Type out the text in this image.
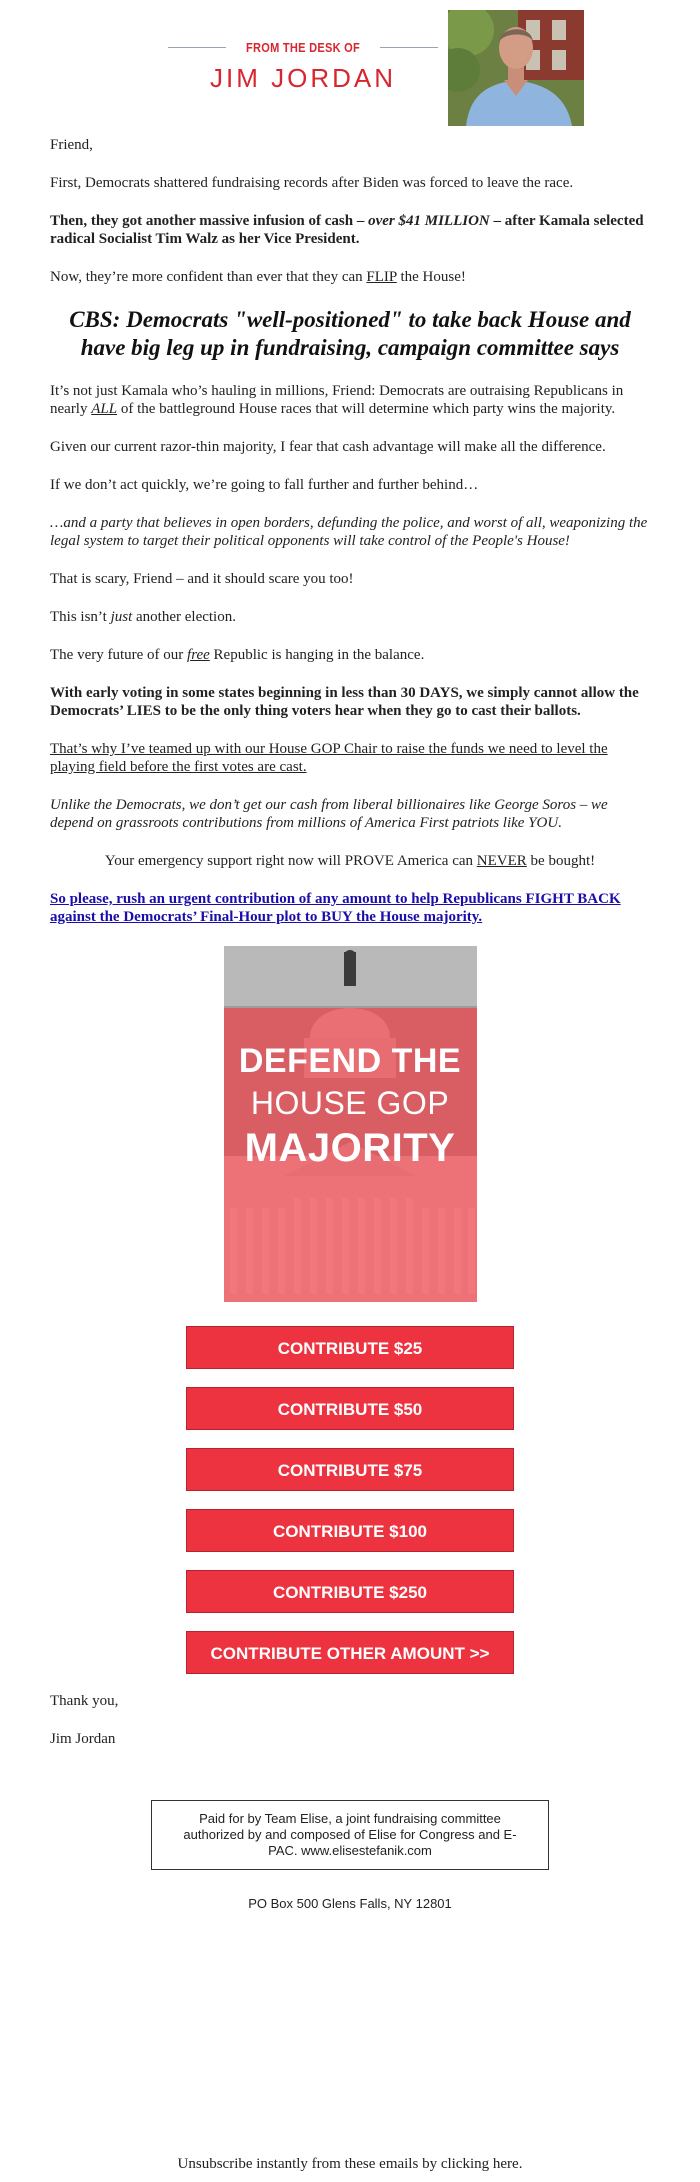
FROM THE DESK OF
JIM JORDAN

Friend,

First, Democrats shattered fundraising records after Biden was forced to leave the race.

Then, they got another massive infusion of cash – over $41 MILLION – after Kamala selected radical Socialist Tim Walz as her Vice President.

Now, they’re more confident than ever that they can FLIP the House!

CBS: Democrats "well-positioned" to take back House and have big leg up in fundraising, campaign committee says

It’s not just Kamala who’s hauling in millions, Friend: Democrats are outraising Republicans in nearly ALL of the battleground House races that will determine which party wins the majority.

Given our current razor-thin majority, I fear that cash advantage will make all the difference.

If we don’t act quickly, we’re going to fall further and further behind…

…and a party that believes in open borders, defunding the police, and worst of all, weaponizing the legal system to target their political opponents will take control of the People's House!

That is scary, Friend – and it should scare you too!

This isn’t just another election.

The very future of our free Republic is hanging in the balance.

With early voting in some states beginning in less than 30 DAYS, we simply cannot allow the Democrats’ LIES to be the only thing voters hear when they go to cast their ballots.

That’s why I’ve teamed up with our House GOP Chair to raise the funds we need to level the playing field before the first votes are cast.

Unlike the Democrats, we don’t get our cash from liberal billionaires like George Soros – we depend on grassroots contributions from millions of America First patriots like YOU.

Your emergency support right now will PROVE America can NEVER be bought!

So please, rush an urgent contribution of any amount to help Republicans FIGHT BACK against the Democrats’ Final-Hour plot to BUY the House majority.

DEFEND THE
HOUSE GOP
MAJORITY
CONTRIBUTE $25
CONTRIBUTE $50
CONTRIBUTE $75
CONTRIBUTE $100
CONTRIBUTE $250
CONTRIBUTE OTHER AMOUNT >>

Thank you,

Jim Jordan

Paid for by Team Elise, a joint fundraising committee authorized by and composed of Elise for Congress and E-PAC. www.elisestefanik.com
PO Box 500 Glens Falls, NY 12801
Unsubscribe instantly from these emails by clicking here.
